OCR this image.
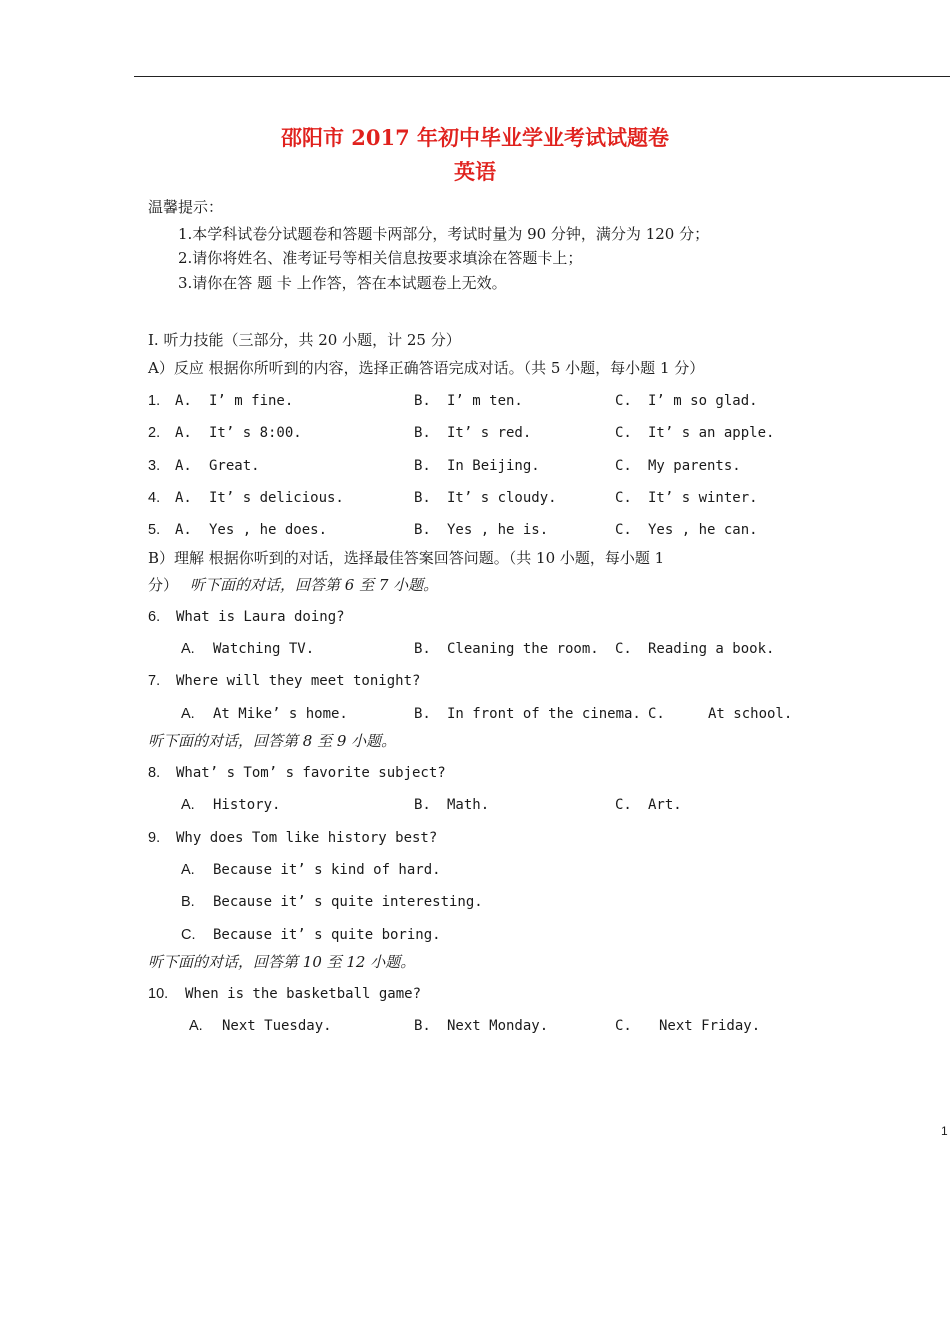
邵阳市 2017 年初中毕业学业考试试题卷
英语
温馨提示：
1.本学科试卷分试题卷和答题卡两部分，考试时量为 90 分钟，满分为 120 分；
2.请你将姓名、准考证号等相关信息按要求填涂在答题卡上；
3.请你在答 题 卡 上作答，答在本试题卷上无效。
Ⅰ. 听力技能（三部分，共 20 小题，计 25 分）
A）反应 根据你所听到的内容，选择正确答语完成对话。（共 5 小题，每小题 1 分）
1. A. I’ m fine.	B. I’ m ten.	C. I’ m so glad.
2. A. It’ s 8:00.	B. It’ s red.	C. It’ s an apple.
3. A. Great.	B. In Beijing.	C. My parents.
4. A. It’ s delicious.	B. It’ s cloudy.	C. It’ s winter.
5. A. Yes , he does.	B. Yes , he is.	C. Yes , he can.
B）理解 根据你听到的对话，选择最佳答案回答问题。（共 10 小题，每小题 1
分） 听下面的对话，回答第 6 至 7 小题。
6. What is Laura doing?
A. Watching TV.	B. Cleaning the room. C. Reading a book.
7. Where will they meet tonight?
A. At Mike’ s home.	B. In front of the cinema. C.	At school.
听下面的对话，回答第 8 至 9 小题。
8. What’ s Tom’ s favorite subject?
A. History.	B. Math.	C. Art.
9. Why does Tom like history best?
A. Because it’ s kind of hard.
B. Because it’ s quite interesting.
C. Because it’ s quite boring.
听下面的对话，回答第 10 至 12 小题。
10. When is the basketball game?
A. Next Tuesday.	B. Next Monday.	C. Next Friday.
1
